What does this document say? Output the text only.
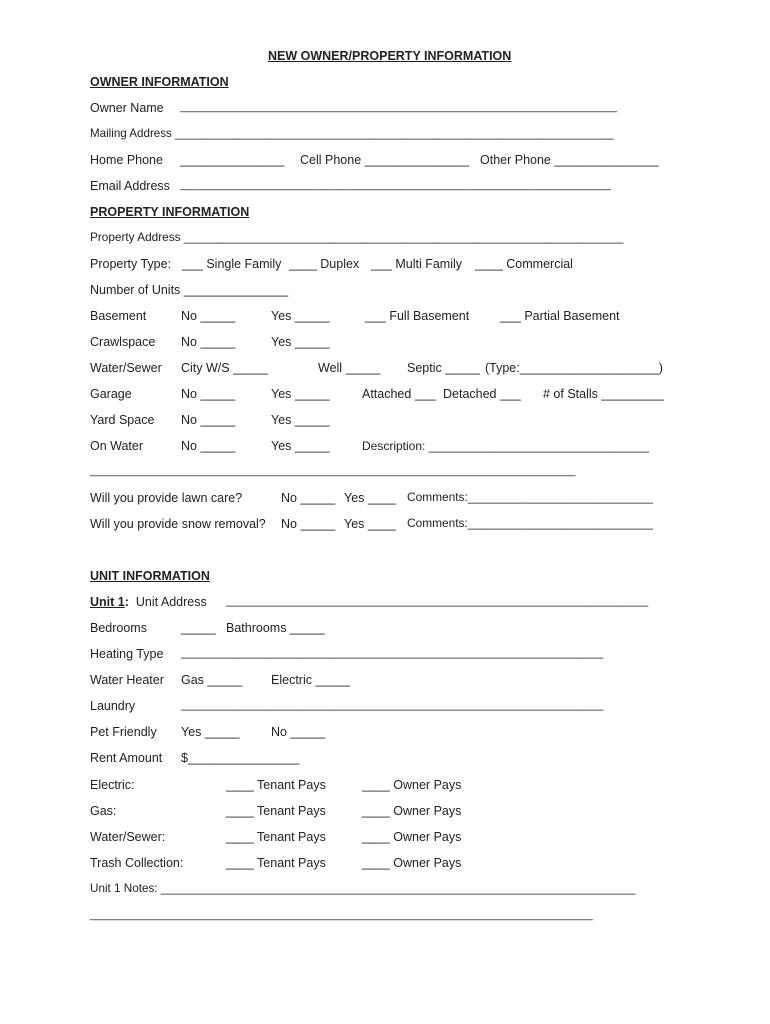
NEW OWNER/PROPERTY INFORMATION
OWNER INFORMATION
Owner Name _____________________________________________________________________
Mailing Address ____________________________________________________________________
Home Phone _______________ Cell Phone _______________ Other Phone _______________
Email Address ____________________________________________________________________
PROPERTY INFORMATION
Property Address ___________________________________________________________________
Property Type: ___ Single Family ____ Duplex ___ Multi Family ____ Commercial
Number of Units _______________
Basement	No _____	Yes _____	___ Full Basement ___ Partial Basement
Crawlspace No _____	Yes _____
Water/Sewer City W/S _____	Well _____ Septic _____ (Type:____________________)
Garage	No _____	Yes _____	Attached ___ Detached ___ # of Stalls _________
Yard Space No _____	Yes _____
On Water	No _____	Yes _____	Description: _________________________________
______________________________________________________________________________
Will you provide lawn care?	No _____ Yes ____ Comments:____________________________
Will you provide snow removal? No _____ Yes ____ Comments:____________________________
UNIT INFORMATION
Unit 1: Unit Address __________________________________________________________________
Bedrooms	_____ Bathrooms _____
Heating Type __________________________________________________________________
Water Heater Gas _____ Electric _____
Laundry	__________________________________________________________________
Pet Friendly Yes _____	No _____
Rent Amount $________________
Electric:	____ Tenant Pays	____ Owner Pays
Gas:	____ Tenant Pays	____ Owner Pays
Water/Sewer:	____ Tenant Pays	____ Owner Pays
Trash Collection:	____ Tenant Pays	____ Owner Pays
Unit 1 Notes: _________________________________________________________________________
________________________________________________________________________________
